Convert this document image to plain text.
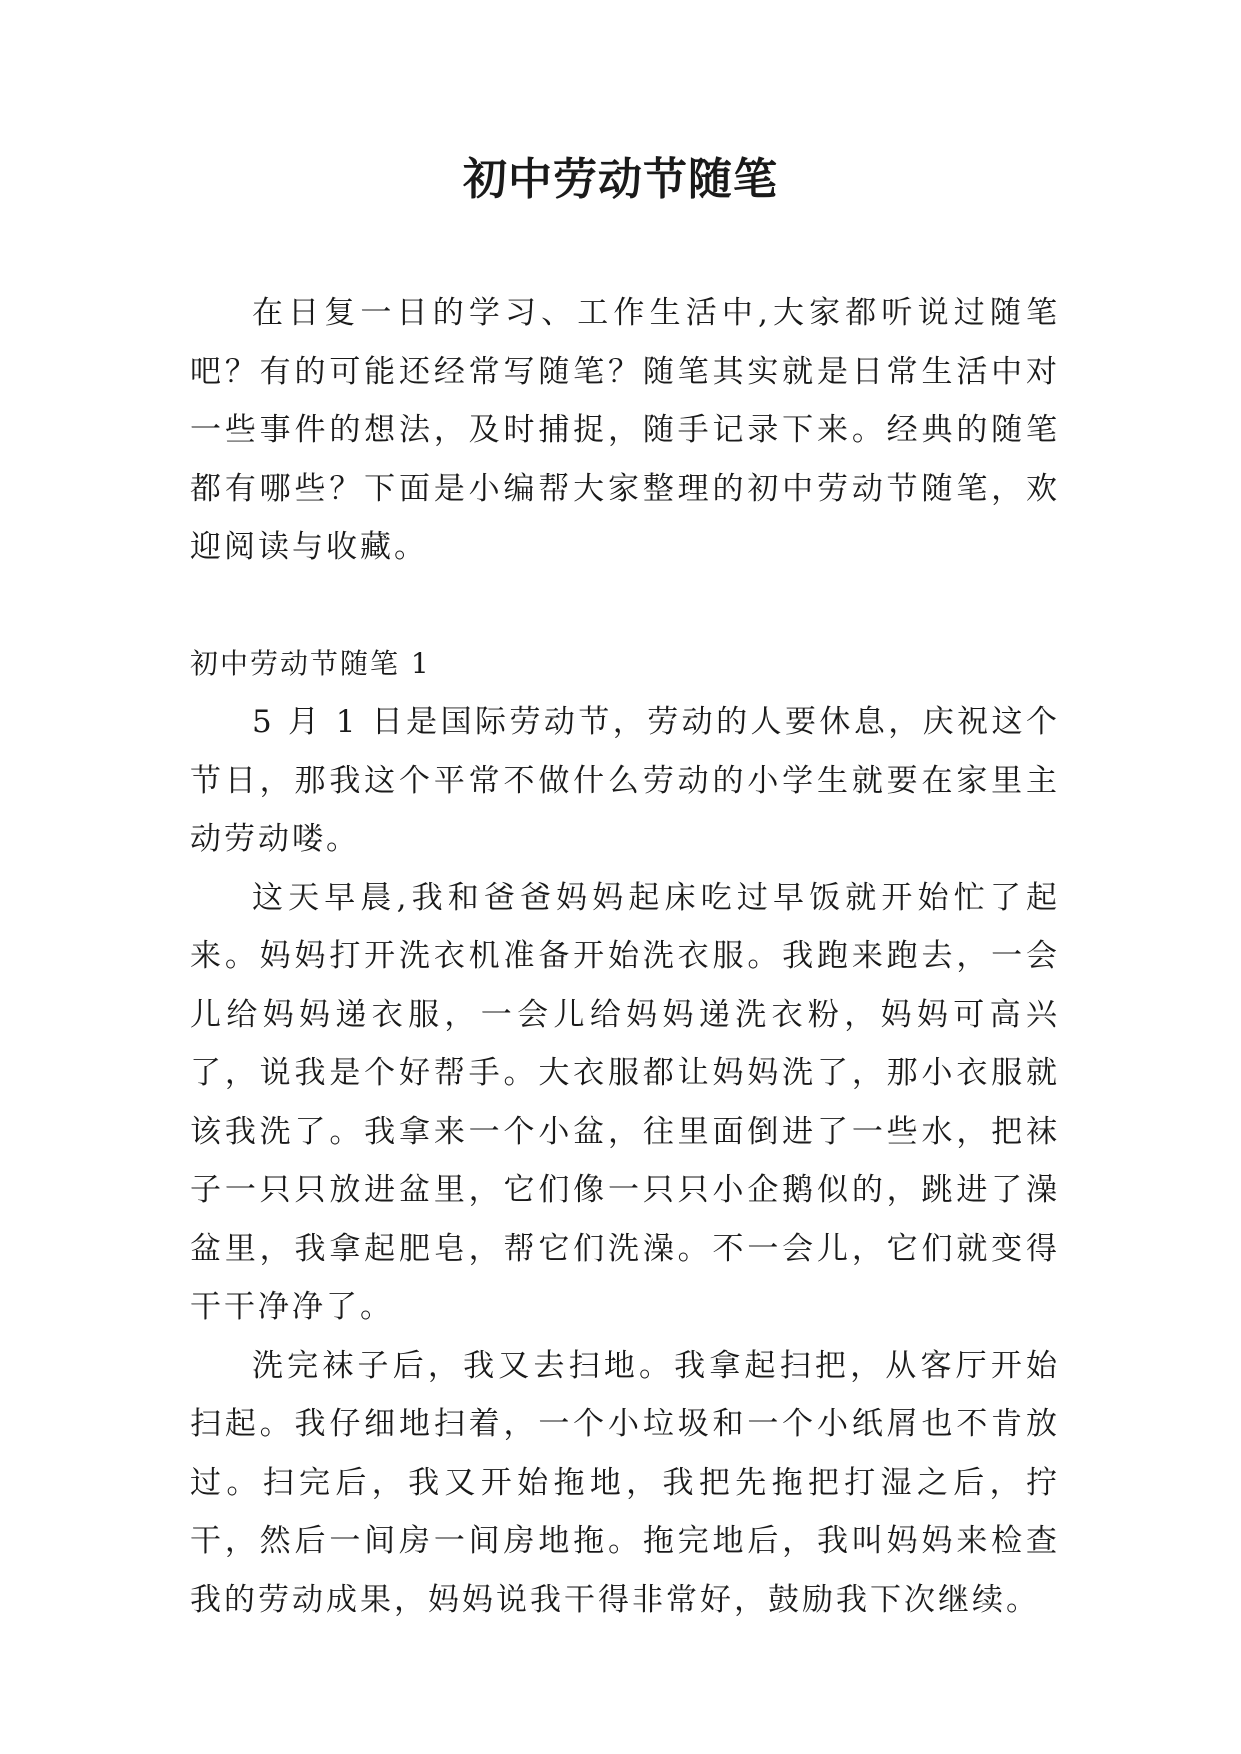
初中劳动节随笔

在日复一日的学习、工作生活中,大家都听说过随笔吧？有的可能还经常写随笔？随笔其实就是日常生活中对一些事件的想法，及时捕捉，随手记录下来。经典的随笔都有哪些？下面是小编帮大家整理的初中劳动节随笔，欢迎阅读与收藏。

初中劳动节随笔 1

5 月 1 日是国际劳动节，劳动的人要休息，庆祝这个节日，那我这个平常不做什么劳动的小学生就要在家里主动劳动喽。

这天早晨,我和爸爸妈妈起床吃过早饭就开始忙了起来。妈妈打开洗衣机准备开始洗衣服。我跑来跑去，一会儿给妈妈递衣服，一会儿给妈妈递洗衣粉，妈妈可高兴了，说我是个好帮手。大衣服都让妈妈洗了，那小衣服就该我洗了。我拿来一个小盆，往里面倒进了一些水，把袜子一只只放进盆里，它们像一只只小企鹅似的，跳进了澡盆里，我拿起肥皂，帮它们洗澡。不一会儿，它们就变得干干净净了。

洗完袜子后，我又去扫地。我拿起扫把，从客厅开始扫起。我仔细地扫着，一个小垃圾和一个小纸屑也不肯放过。扫完后，我又开始拖地，我把先拖把打湿之后，拧干，然后一间房一间房地拖。拖完地后，我叫妈妈来检查我的劳动成果，妈妈说我干得非常好，鼓励我下次继续。
